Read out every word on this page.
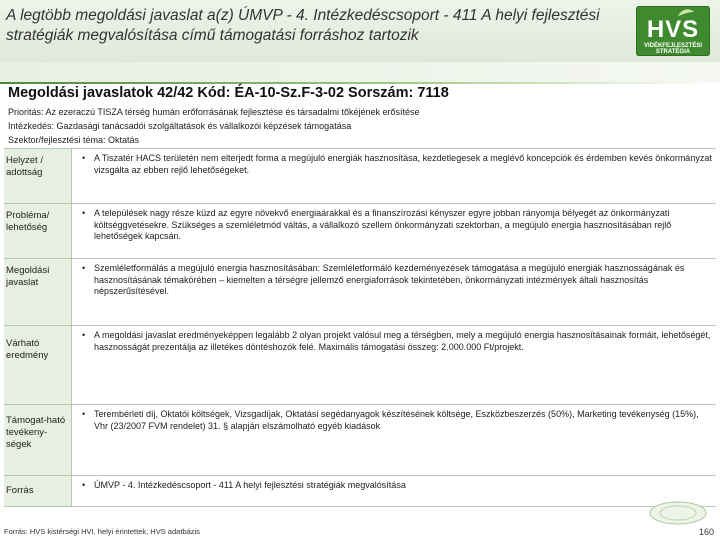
A legtöbb megoldási javaslat a(z) ÚMVP - 4. Intézkedéscsoport - 411 A helyi fejlesztési stratégiák megvalósítása című támogatási forráshoz tartozik	HVS
VIDÉKFEJLESZTÉSI STRATÉGIA
Megoldási javaslatok 42/42 Kód: ÉA-10-Sz.F-3-02 Sorszám: 7118
Prioritás: Az ezeraczú TISZA térség humán erőforrásának fejlesztése és társadalmi tőkéjének erősítése
Intézkedés: Gazdasági tanácsadói szolgáltatások és vállalkozói képzések támogatása
Szektor/fejlesztési téma: Oktatás
Helyzet / adottság
• A Tiszatér HACS területén nem elterjedt forma a megújuló energiák hasznosítása, kezdetlegesek a meglévő koncepciók és érdemben kevés önkormányzat vizsgálta az ebben rejlő lehetőségeket.
Probléma/ lehetőség
• A települések nagy része küzd az egyre növekvő energiaárakkal és a finanszírozási kényszer egyre jobban rányomja bélyegét az önkormányzati költséggvetésekre. Szükséges a szemléletmód váltás, a vállalkozó szellem önkormányzati szektorban, a megújuló energia hasznosításában rejlő lehetőségek kapcsán.
Megoldási javaslat
• Szemléletformálás a megújuló energia hasznosításában: Szemléletformáló kezdeményezések támogatása a megújuló energiák hasznosságának és hasznosításának témakörében – kiemelten a térségre jellemző energiaforrások tekintetében, önkormányzati intézmények általi hasznosítás népszerűsítésével.
Várható eredmény
• A megoldási javaslat eredményeképpen legalább 2 olyan projekt valósul meg a térségben, mely a megújuló energia hasznosításainak formáit, lehetőségét, hasznosságát prezentálja az illetékes döntéshozók felé. Maximális támogatási összeg: 2.000.000 Ft/projekt.
Támogat-ható tevékeny-ségek
• Terembérleti díj, Oktatói költségek, Vizsgadíjak, Oktatási segédanyagok készítésének költsége, Eszközbeszerzés (50%), Marketing tevékenység (15%), Vhr (23/2007 FVM rendelet) 31. § alapján elszámolható egyéb kiadások
Forrás	• ÚMVP - 4. Intézkedéscsoport - 411 A helyi fejlesztési stratégiák megvalósítása
Forrás: HVS kistérségi HVI, helyi érintettek, HVS adatbázis	160
